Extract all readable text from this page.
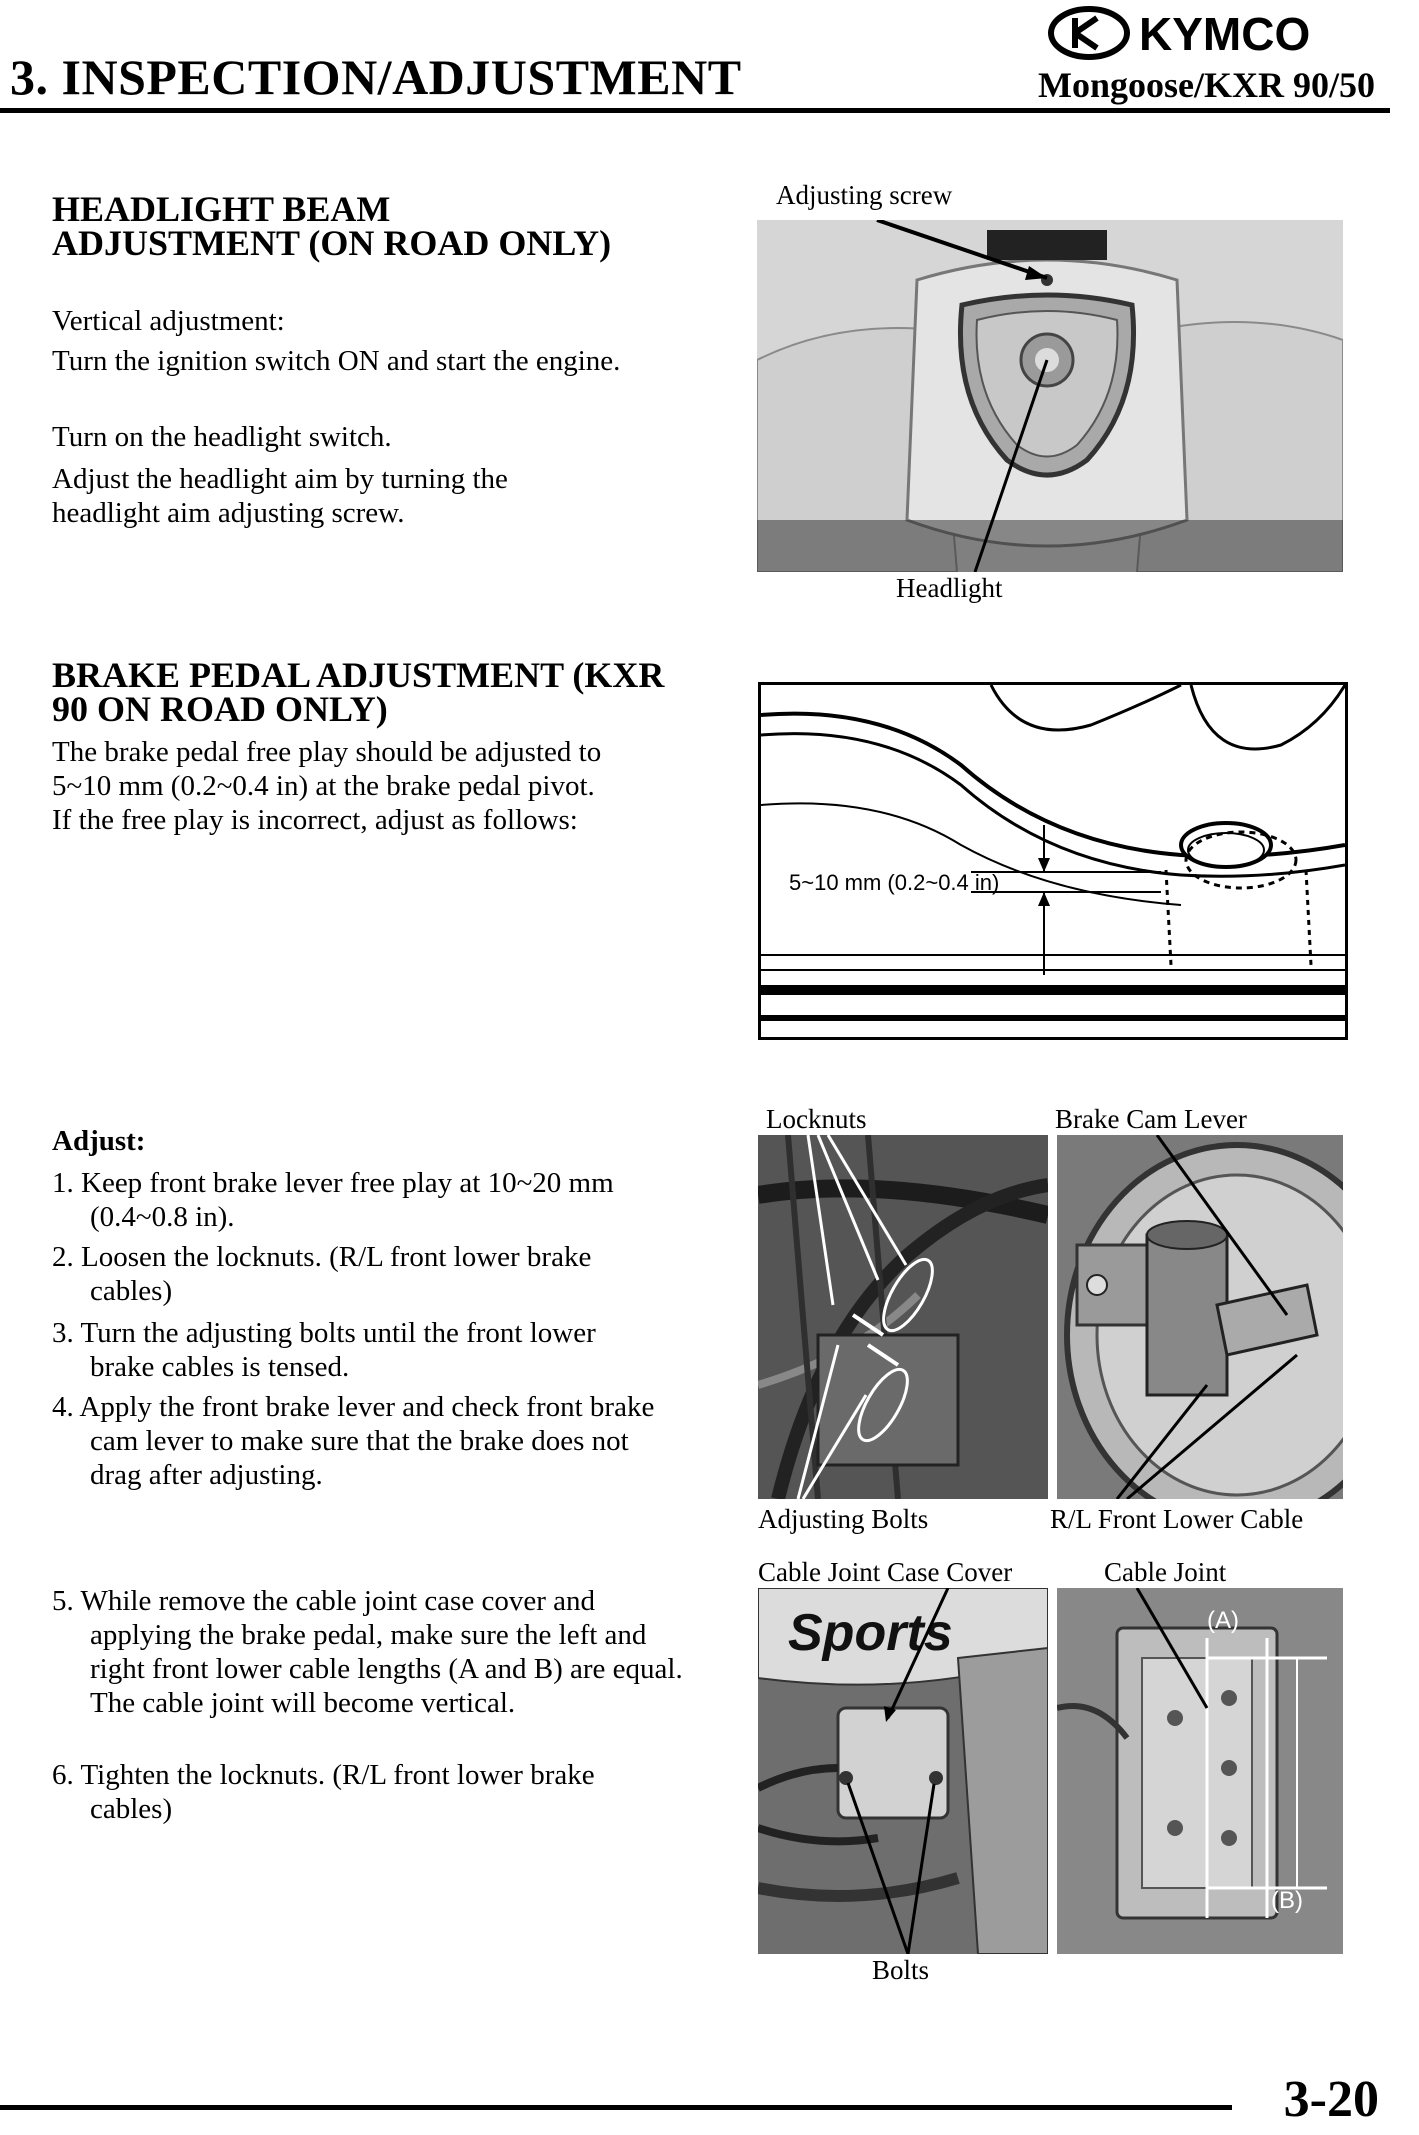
3. INSPECTION/ADJUSTMENT
KYMCO
Mongoose/KXR 90/50
HEADLIGHT BEAM ADJUSTMENT (ON ROAD ONLY)
Vertical adjustment:
Turn the ignition switch ON and start the engine.
Turn on the headlight switch.
Adjust the headlight aim by turning the headlight aim adjusting screw.
Adjusting screw
Headlight
BRAKE PEDAL ADJUSTMENT (KXR 90 ON ROAD ONLY)
The brake pedal free play should be adjusted to 5~10 mm (0.2~0.4 in) at the brake pedal pivot. If the free play is incorrect, adjust as follows:
5~10 mm (0.2~0.4 in)
Adjust:
1. Keep front brake lever free play at 10~20 mm (0.4~0.8 in).
2. Loosen the locknuts. (R/L front lower brake cables)
3. Turn the adjusting bolts until the front lower brake cables is tensed.
4. Apply the front brake lever and check front brake cam lever to make sure that the brake does not drag after adjusting.
5. While remove the cable joint case cover and applying the brake pedal, make sure the left and right front lower cable lengths (A and B) are equal. The cable joint will become vertical.
6. Tighten the locknuts. (R/L front lower brake cables)
Locknuts	Brake Cam Lever
Adjusting Bolts	R/L Front Lower Cable
Cable Joint Case Cover	Cable Joint
Sports	(A)
(B)
Bolts
3-20
